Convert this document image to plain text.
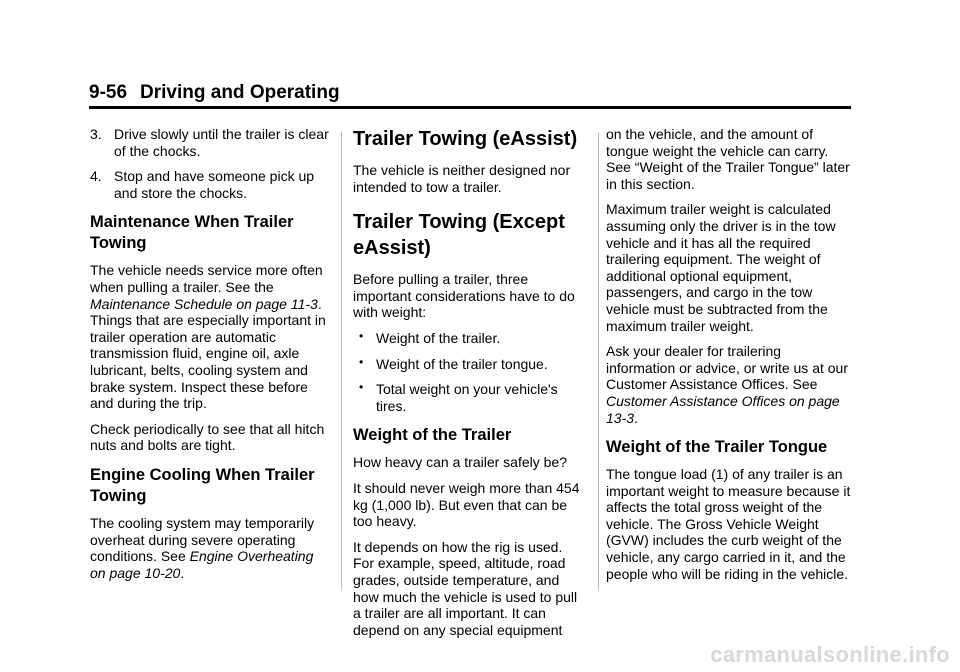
9-56 Driving and Operating
3. Drive slowly until the trailer is clear of the chocks.
4. Stop and have someone pick up and store the chocks.
Maintenance When Trailer Towing

The vehicle needs service more often when pulling a trailer. See the Maintenance Schedule on page 11-3. Things that are especially important in trailer operation are automatic transmission fluid, engine oil, axle lubricant, belts, cooling system and brake system. Inspect these before and during the trip.

Check periodically to see that all hitch nuts and bolts are tight.

Engine Cooling When Trailer Towing

The cooling system may temporarily overheat during severe operating conditions. See Engine Overheating on page 10-20.

Trailer Towing (eAssist)

The vehicle is neither designed nor intended to tow a trailer.

Trailer Towing (Except eAssist)

Before pulling a trailer, three important considerations have to do with weight:

• Weight of the trailer.
• Weight of the trailer tongue.
• Total weight on your vehicle's tires.
Weight of the Trailer

How heavy can a trailer safely be?

It should never weigh more than 454 kg (1,000 lb). But even that can be too heavy.

It depends on how the rig is used. For example, speed, altitude, road grades, outside temperature, and how much the vehicle is used to pull a trailer are all important. It can depend on any special equipment

on the vehicle, and the amount of tongue weight the vehicle can carry. See “Weight of the Trailer Tongue” later in this section.

Maximum trailer weight is calculated assuming only the driver is in the tow vehicle and it has all the required trailering equipment. The weight of additional optional equipment, passengers, and cargo in the tow vehicle must be subtracted from the maximum trailer weight.

Ask your dealer for trailering information or advice, or write us at our Customer Assistance Offices. See Customer Assistance Offices on page 13-3.

Weight of the Trailer Tongue

The tongue load (1) of any trailer is an important weight to measure because it affects the total gross weight of the vehicle. The Gross Vehicle Weight (GVW) includes the curb weight of the vehicle, any cargo carried in it, and the people who will be riding in the vehicle.

carmanualsonline.info
